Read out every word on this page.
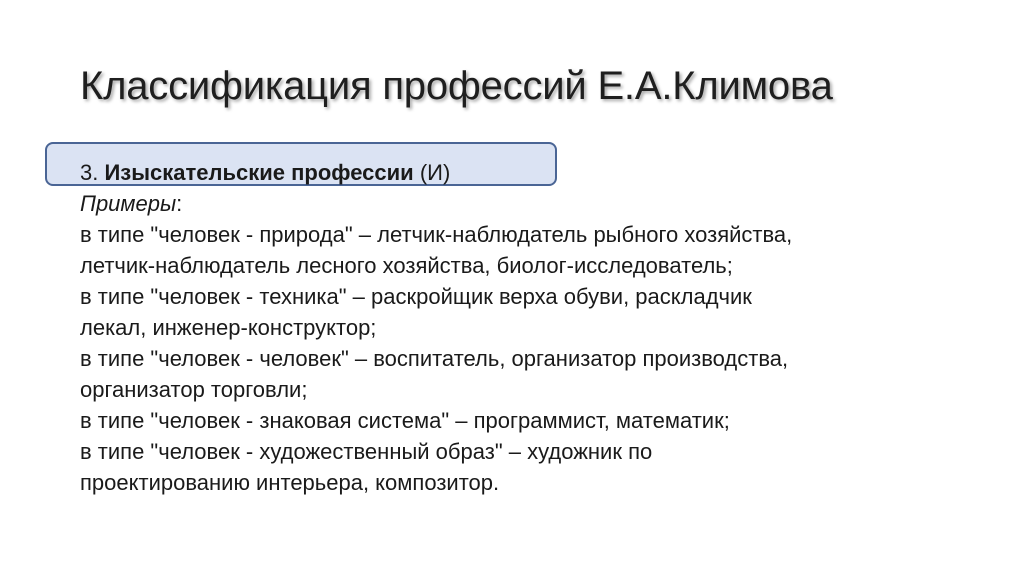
Классификация профессий Е.А.Климова
3. Изыскательские профессии (И)
Примеры:
в типе "человек - природа" – летчик-наблюдатель рыбного хозяйства,
летчик-наблюдатель лесного хозяйства, биолог-исследователь;
в типе "человек - техника" – раскройщик верха обуви, раскладчик
лекал, инженер-конструктор;
в типе "человек - человек" – воспитатель, организатор производства,
организатор торговли;
в типе "человек - знаковая система" – программист, математик;
в типе "человек - художественный образ" – художник по
проектированию интерьера, композитор.
